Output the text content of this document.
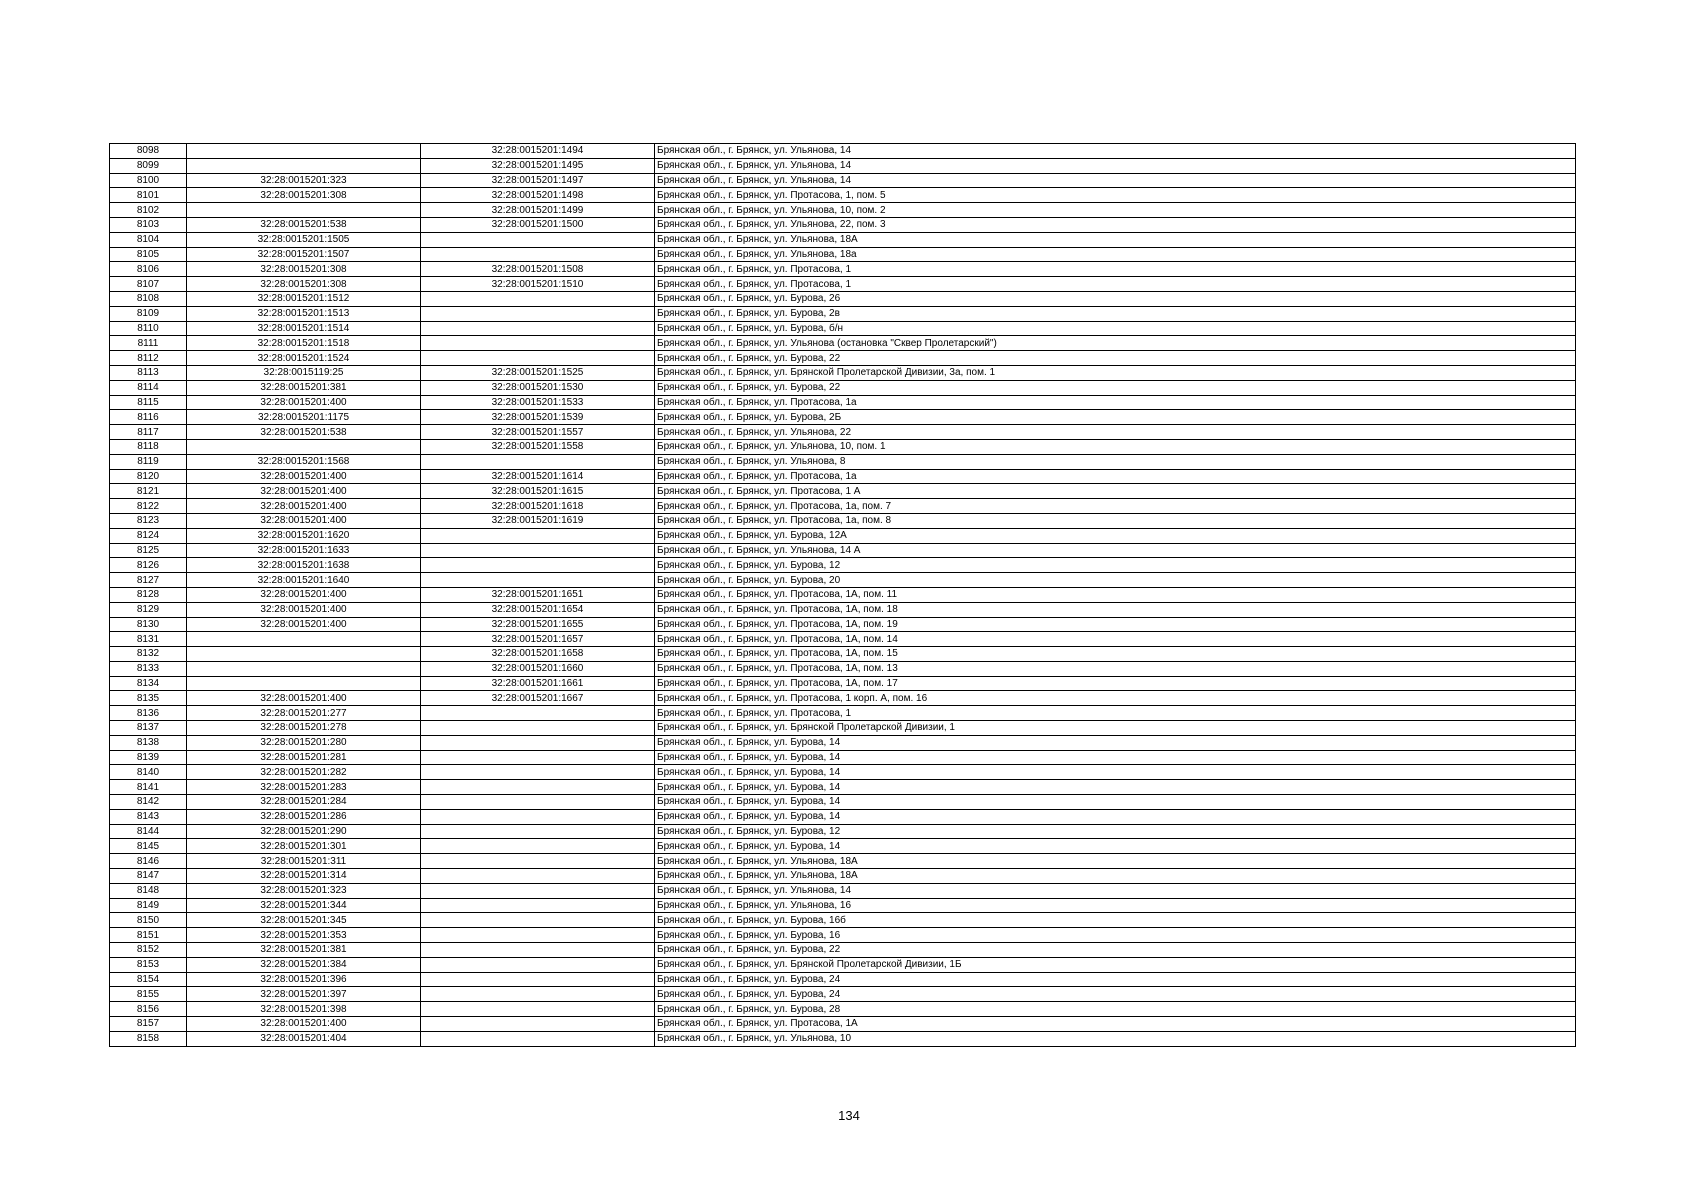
8098		32:28:0015201:1494	Брянская обл., г. Брянск, ул. Ульянова, 14
8099		32:28:0015201:1495	Брянская обл., г. Брянск, ул. Ульянова, 14
8100	32:28:0015201:323	32:28:0015201:1497	Брянская обл., г. Брянск, ул. Ульянова, 14
8101	32:28:0015201:308	32:28:0015201:1498	Брянская обл., г. Брянск, ул. Протасова, 1, пом. 5
8102		32:28:0015201:1499	Брянская обл., г. Брянск, ул. Ульянова, 10, пом. 2
8103	32:28:0015201:538	32:28:0015201:1500	Брянская обл., г. Брянск, ул. Ульянова, 22, пом. 3
8104	32:28:0015201:1505		Брянская обл., г. Брянск, ул. Ульянова, 18А
8105	32:28:0015201:1507		Брянская обл., г. Брянск, ул. Ульянова, 18а
8106	32:28:0015201:308	32:28:0015201:1508	Брянская обл., г. Брянск, ул. Протасова, 1
8107	32:28:0015201:308	32:28:0015201:1510	Брянская обл., г. Брянск, ул. Протасова, 1
8108	32:28:0015201:1512		Брянская обл., г. Брянск, ул. Бурова, 26
8109	32:28:0015201:1513		Брянская обл., г. Брянск, ул. Бурова, 2в
8110	32:28:0015201:1514		Брянская обл., г. Брянск, ул. Бурова, б/н
8111	32:28:0015201:1518		Брянская обл., г. Брянск, ул. Ульянова (остановка "Сквер Пролетарский")
8112	32:28:0015201:1524		Брянская обл., г. Брянск, ул. Бурова, 22
8113	32:28:0015119:25	32:28:0015201:1525	Брянская обл., г. Брянск, ул. Брянской Пролетарской Дивизии, 3а, пом. 1
8114	32:28:0015201:381	32:28:0015201:1530	Брянская обл., г. Брянск, ул. Бурова, 22
8115	32:28:0015201:400	32:28:0015201:1533	Брянская обл., г. Брянск, ул. Протасова, 1а
8116	32:28:0015201:1175	32:28:0015201:1539	Брянская обл., г. Брянск, ул. Бурова, 2Б
8117	32:28:0015201:538	32:28:0015201:1557	Брянская обл., г. Брянск, ул. Ульянова, 22
8118		32:28:0015201:1558	Брянская обл., г. Брянск, ул. Ульянова, 10, пом. 1
8119	32:28:0015201:1568		Брянская обл., г. Брянск, ул. Ульянова, 8
8120	32:28:0015201:400	32:28:0015201:1614	Брянская обл., г. Брянск, ул. Протасова, 1а
8121	32:28:0015201:400	32:28:0015201:1615	Брянская обл., г. Брянск, ул. Протасова, 1 А
8122	32:28:0015201:400	32:28:0015201:1618	Брянская обл., г. Брянск, ул. Протасова, 1а, пом. 7
8123	32:28:0015201:400	32:28:0015201:1619	Брянская обл., г. Брянск, ул. Протасова, 1а, пом. 8
8124	32:28:0015201:1620		Брянская обл., г. Брянск, ул. Бурова, 12А
8125	32:28:0015201:1633		Брянская обл., г. Брянск, ул. Ульянова, 14 А
8126	32:28:0015201:1638		Брянская обл., г. Брянск, ул. Бурова, 12
8127	32:28:0015201:1640		Брянская обл., г. Брянск, ул. Бурова, 20
8128	32:28:0015201:400	32:28:0015201:1651	Брянская обл., г. Брянск, ул. Протасова, 1А, пом. 11
8129	32:28:0015201:400	32:28:0015201:1654	Брянская обл., г. Брянск, ул. Протасова, 1А, пом. 18
8130	32:28:0015201:400	32:28:0015201:1655	Брянская обл., г. Брянск, ул. Протасова, 1А, пом. 19
8131		32:28:0015201:1657	Брянская обл., г. Брянск, ул. Протасова, 1А, пом. 14
8132		32:28:0015201:1658	Брянская обл., г. Брянск, ул. Протасова, 1А, пом. 15
8133		32:28:0015201:1660	Брянская обл., г. Брянск, ул. Протасова, 1А, пом. 13
8134		32:28:0015201:1661	Брянская обл., г. Брянск, ул. Протасова, 1А, пом. 17
8135	32:28:0015201:400	32:28:0015201:1667	Брянская обл., г. Брянск, ул. Протасова, 1 корп. А, пом. 16
8136	32:28:0015201:277		Брянская обл., г. Брянск, ул. Протасова, 1
8137	32:28:0015201:278		Брянская обл., г. Брянск, ул. Брянской Пролетарской Дивизии, 1
8138	32:28:0015201:280		Брянская обл., г. Брянск, ул. Бурова, 14
8139	32:28:0015201:281		Брянская обл., г. Брянск, ул. Бурова, 14
8140	32:28:0015201:282		Брянская обл., г. Брянск, ул. Бурова, 14
8141	32:28:0015201:283		Брянская обл., г. Брянск, ул. Бурова, 14
8142	32:28:0015201:284		Брянская обл., г. Брянск, ул. Бурова, 14
8143	32:28:0015201:286		Брянская обл., г. Брянск, ул. Бурова, 14
8144	32:28:0015201:290		Брянская обл., г. Брянск, ул. Бурова, 12
8145	32:28:0015201:301		Брянская обл., г. Брянск, ул. Бурова, 14
8146	32:28:0015201:311		Брянская обл., г. Брянск, ул. Ульянова, 18А
8147	32:28:0015201:314		Брянская обл., г. Брянск, ул. Ульянова, 18А
8148	32:28:0015201:323		Брянская обл., г. Брянск, ул. Ульянова, 14
8149	32:28:0015201:344		Брянская обл., г. Брянск, ул. Ульянова, 16
8150	32:28:0015201:345		Брянская обл., г. Брянск, ул. Бурова, 16б
8151	32:28:0015201:353		Брянская обл., г. Брянск, ул. Бурова, 16
8152	32:28:0015201:381		Брянская обл., г. Брянск, ул. Бурова, 22
8153	32:28:0015201:384		Брянская обл., г. Брянск, ул. Брянской Пролетарской Дивизии, 1Б
8154	32:28:0015201:396		Брянская обл., г. Брянск, ул. Бурова, 24
8155	32:28:0015201:397		Брянская обл., г. Брянск, ул. Бурова, 24
8156	32:28:0015201:398		Брянская обл., г. Брянск, ул. Бурова, 28
8157	32:28:0015201:400		Брянская обл., г. Брянск, ул. Протасова, 1А
8158	32:28:0015201:404		Брянская обл., г. Брянск, ул. Ульянова, 10
134
